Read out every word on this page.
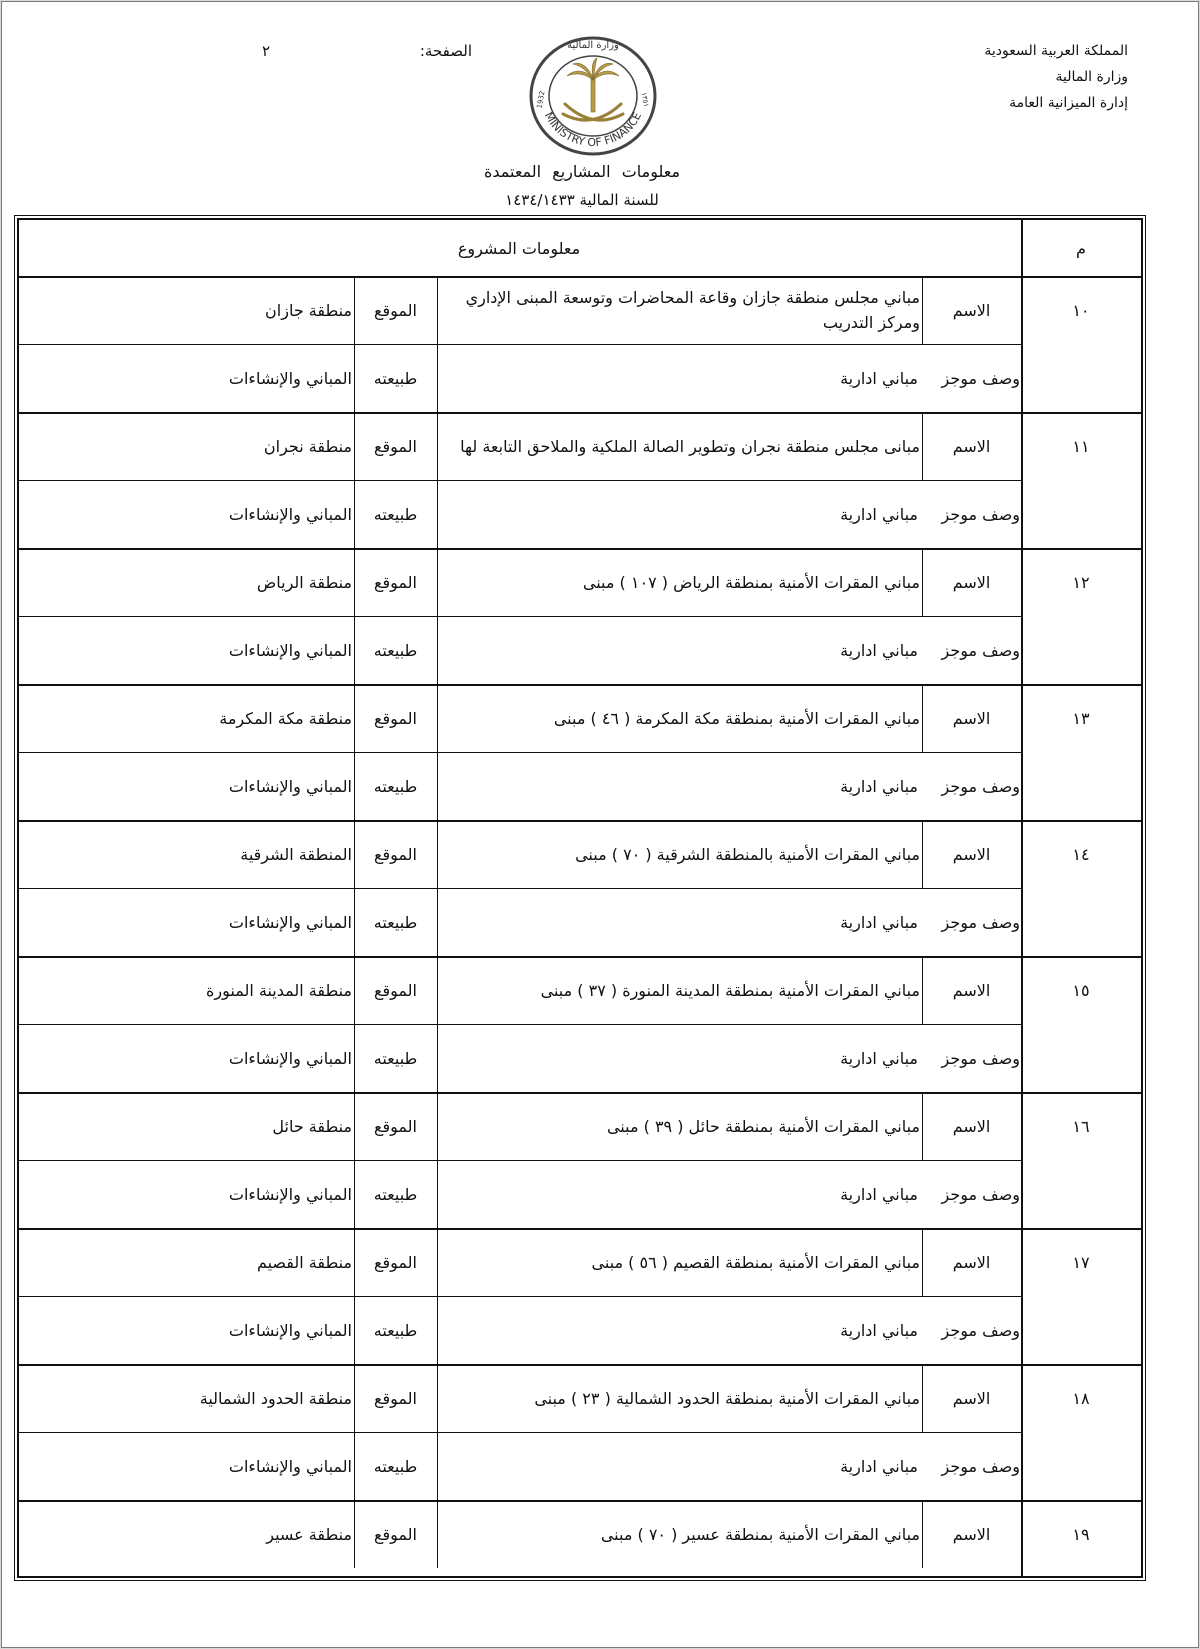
المملكة العربية السعودية
وزارة المالية
إدارة الميزانية العامة
الصفحة:
٢
MINISTRY OF FINANCE
وزارة المالية
1932	١٣٥١
معلومات المشاريع المعتمدة
للسنة المالية ١٤٣٤/١٤٣٣
م
معلومات المشروع
١٠
الاسم
مباني مجلس منطقة جازان وقاعة المحاضرات وتوسعة المبنى الإداري ومركز التدريب
الموقع
منطقة جازان
وصف موجز
مباني ادارية
طبيعته
المباني والإنشاءات
١١
الاسم
مبانى مجلس منطقة نجران وتطوير الصالة الملكية والملاحق التابعة لها
الموقع
منطقة نجران
وصف موجز
مباني ادارية
طبيعته
المباني والإنشاءات
١٢
الاسم
مباني المقرات الأمنية بمنطقة الرياض ( ١٠٧ ) مبنى
الموقع
منطقة الرياض
وصف موجز
مباني ادارية
طبيعته
المباني والإنشاءات
١٣
الاسم
مباني المقرات الأمنية بمنطقة مكة المكرمة ( ٤٦ ) مبنى
الموقع
منطقة مكة المكرمة
وصف موجز
مباني ادارية
طبيعته
المباني والإنشاءات
١٤
الاسم
مباني المقرات الأمنية بالمنطقة الشرقية ( ٧٠ ) مبنى
الموقع
المنطقة الشرقية
وصف موجز
مباني ادارية
طبيعته
المباني والإنشاءات
١٥
الاسم
مباني المقرات الأمنية بمنطقة المدينة المنورة ( ٣٧ ) مبنى
الموقع
منطقة المدينة المنورة
وصف موجز
مباني ادارية
طبيعته
المباني والإنشاءات
١٦
الاسم
مباني المقرات الأمنية بمنطقة حائل ( ٣٩ ) مبنى
الموقع
منطقة حائل
وصف موجز
مباني ادارية
طبيعته
المباني والإنشاءات
١٧
الاسم
مباني المقرات الأمنية بمنطقة القصيم ( ٥٦ ) مبنى
الموقع
منطقة القصيم
وصف موجز
مباني ادارية
طبيعته
المباني والإنشاءات
١٨
الاسم
مباني المقرات الأمنية بمنطقة الحدود الشمالية ( ٢٣ ) مبنى
الموقع
منطقة الحدود الشمالية
وصف موجز
مباني ادارية
طبيعته
المباني والإنشاءات
١٩
الاسم
مباني المقرات الأمنية بمنطقة عسير ( ٧٠ ) مبنى
الموقع
منطقة عسير
